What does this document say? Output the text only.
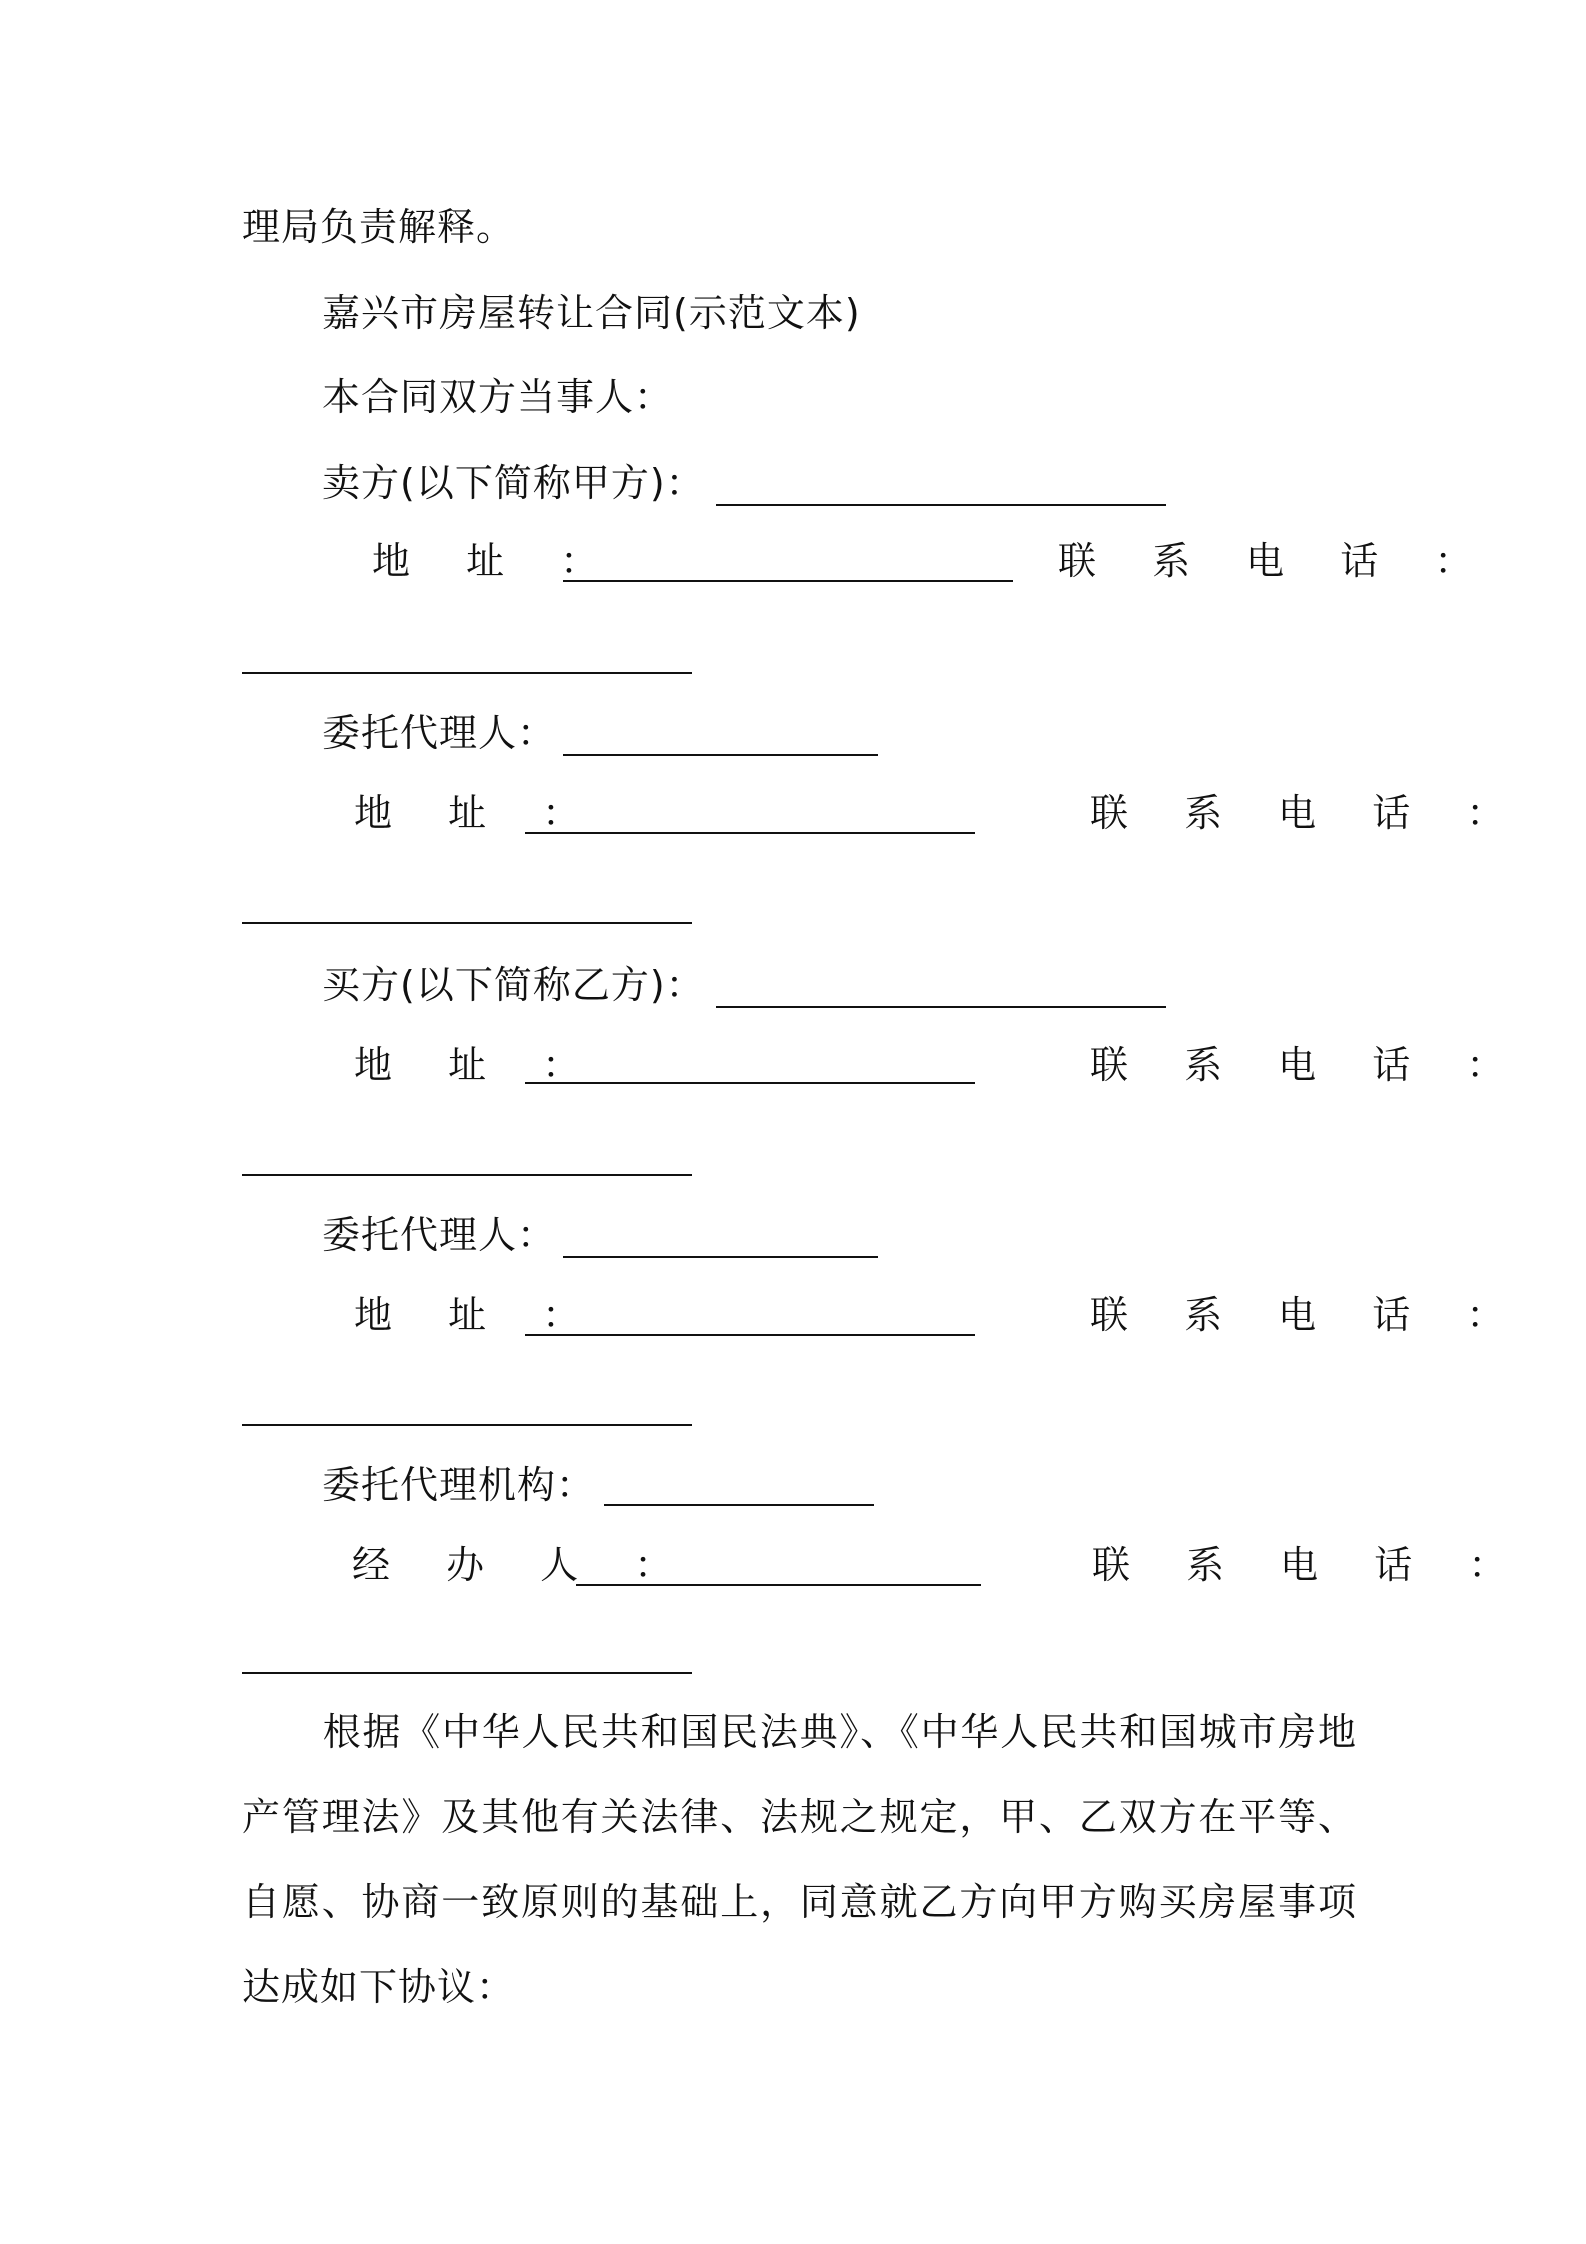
理局负责解释。
嘉兴市房屋转让合同(示范文本)
本合同双方当事人：
卖方(以下简称甲方)：
地 址 ：	联 系 电 话 ：
委托代理人：
地 址 ：	联 系 电 话 ：
买方(以下简称乙方)：
地 址 ：	联 系 电 话 ：
委托代理人：
地 址 ：	联 系 电 话 ：
委托代理机构：
经 办 人 ：	联 系 电 话 ：
根据《中华人民共和国民法典》、《中华人民共和国城市房地产管理法》及其他有关法律、法规之规定，甲、乙双方在平等、自愿、协商一致原则的基础上，同意就乙方向甲方购买房屋事项达成如下协议：
